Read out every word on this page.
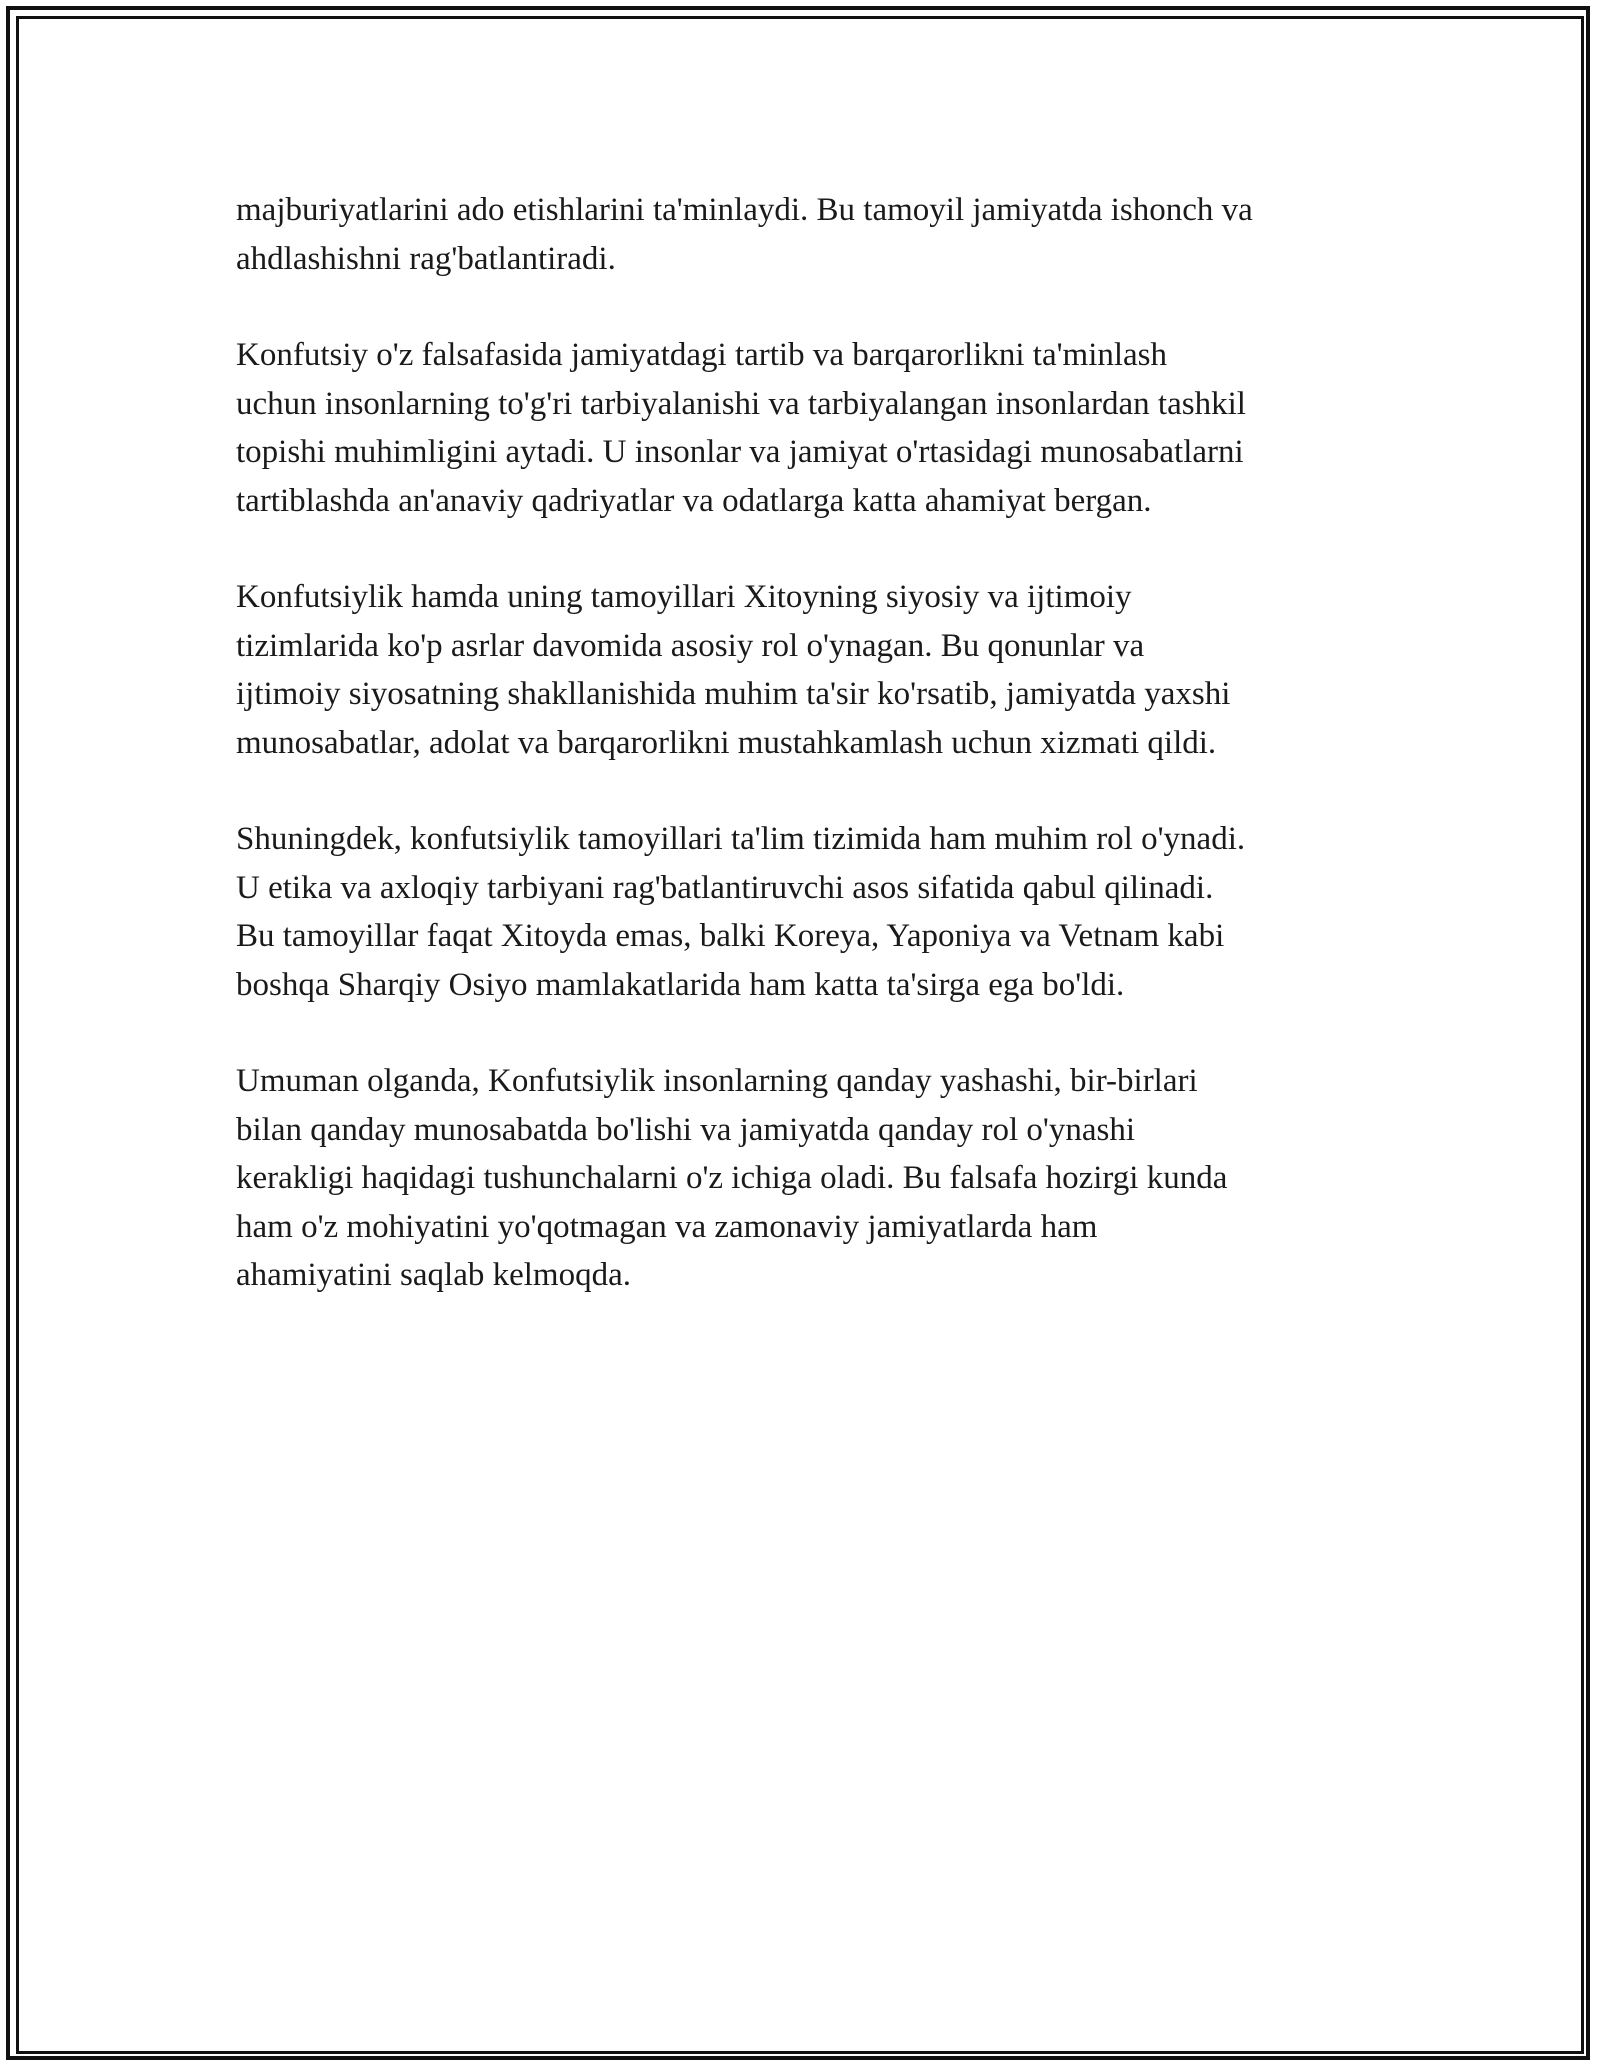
majburiyatlarini ado etishlarini ta'minlaydi. Bu tamoyil jamiyatda ishonch va
ahdlashishni rag'batlantiradi.

Konfutsiy o'z falsafasida jamiyatdagi tartib va barqarorlikni ta'minlash
uchun insonlarning to'g'ri tarbiyalanishi va tarbiyalangan insonlardan tashkil
topishi muhimligini aytadi. U insonlar va jamiyat o'rtasidagi munosabatlarni
tartiblashda an'anaviy qadriyatlar va odatlarga katta ahamiyat bergan.

Konfutsiylik hamda uning tamoyillari Xitoyning siyosiy va ijtimoiy
tizimlarida ko'p asrlar davomida asosiy rol o'ynagan. Bu qonunlar va
ijtimoiy siyosatning shakllanishida muhim ta'sir ko'rsatib, jamiyatda yaxshi
munosabatlar, adolat va barqarorlikni mustahkamlash uchun xizmati qildi.

Shuningdek, konfutsiylik tamoyillari ta'lim tizimida ham muhim rol o'ynadi.
U etika va axloqiy tarbiyani rag'batlantiruvchi asos sifatida qabul qilinadi.
Bu tamoyillar faqat Xitoyda emas, balki Koreya, Yaponiya va Vetnam kabi
boshqa Sharqiy Osiyo mamlakatlarida ham katta ta'sirga ega bo'ldi.

Umuman olganda, Konfutsiylik insonlarning qanday yashashi, bir-birlari
bilan qanday munosabatda bo'lishi va jamiyatda qanday rol o'ynashi
kerakligi haqidagi tushunchalarni o'z ichiga oladi. Bu falsafa hozirgi kunda
ham o'z mohiyatini yo'qotmagan va zamonaviy jamiyatlarda ham
ahamiyatini saqlab kelmoqda.
